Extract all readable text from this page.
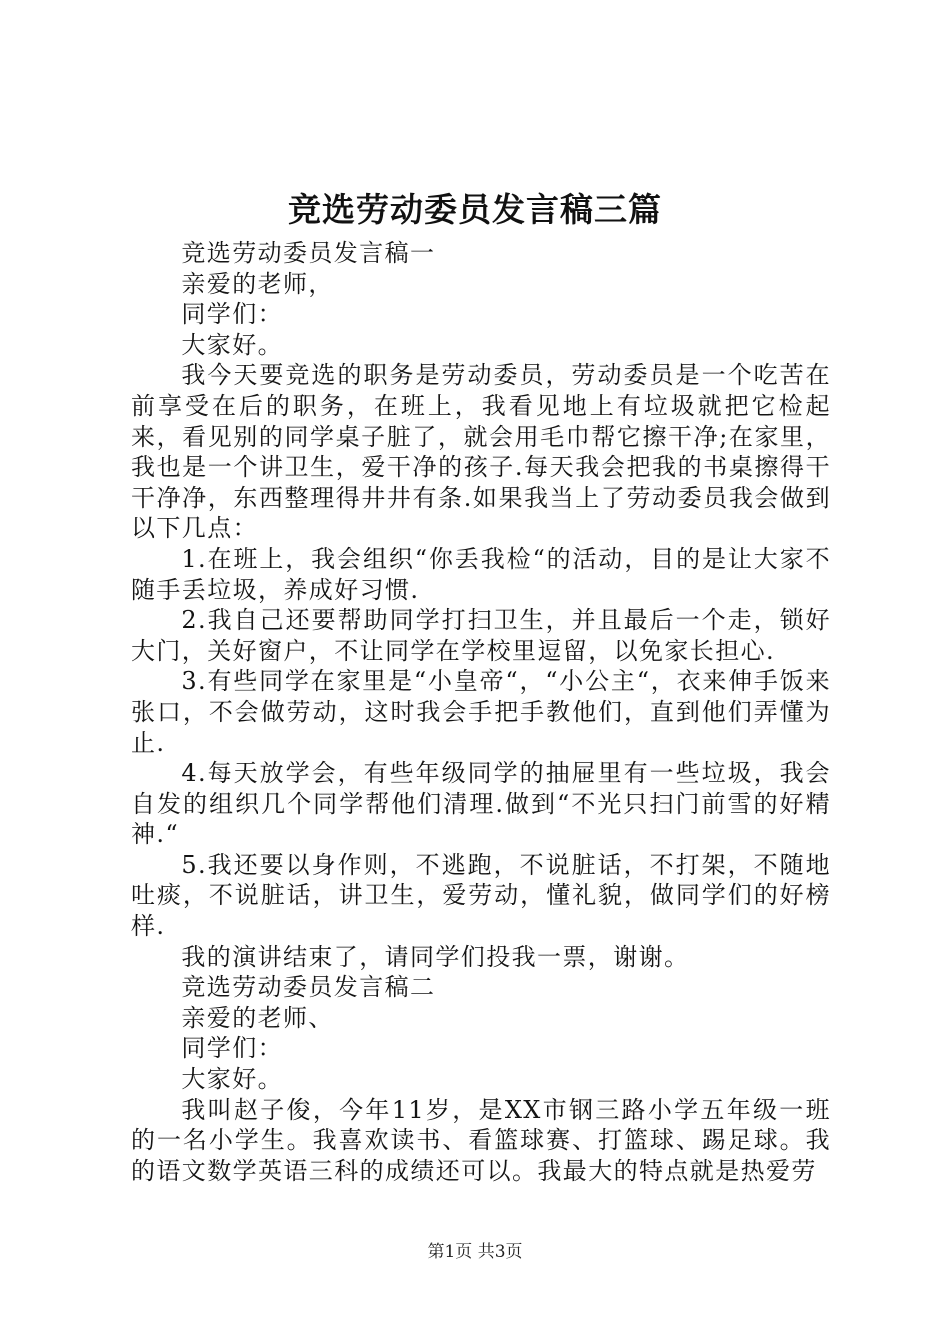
竞选劳动委员发言稿三篇

竞选劳动委员发言稿一

亲爱的老师，

同学们：

大家好。

我今天要竞选的职务是劳动委员，劳动委员是一个吃苦在前享受在后的职务，在班上，我看见地上有垃圾就把它检起来，看见别的同学桌子脏了，就会用毛巾帮它擦干净;在家里，我也是一个讲卫生，爱干净的孩子.每天我会把我的书桌擦得干干净净，东西整理得井井有条.如果我当上了劳动委员我会做到以下几点：

1.在班上，我会组织“你丢我检“的活动，目的是让大家不随手丢垃圾，养成好习惯.

2.我自己还要帮助同学打扫卫生，并且最后一个走，锁好大门，关好窗户，不让同学在学校里逗留，以免家长担心.

3.有些同学在家里是“小皇帝“，“小公主“，衣来伸手饭来张口，不会做劳动，这时我会手把手教他们，直到他们弄懂为止.

4.每天放学会，有些年级同学的抽屉里有一些垃圾，我会自发的组织几个同学帮他们清理.做到“不光只扫门前雪的好精神.“

5.我还要以身作则，不逃跑，不说脏话，不打架，不随地吐痰，不说脏话，讲卫生，爱劳动，懂礼貌，做同学们的好榜样.

我的演讲结束了，请同学们投我一票，谢谢。

竞选劳动委员发言稿二

亲爱的老师、

同学们：

大家好。

我叫赵子俊，今年11岁，是XX市钢三路小学五年级一班的一名小学生。我喜欢读书、看篮球赛、打篮球、踢足球。我的语文数学英语三科的成绩还可以。我最大的特点就是热爱劳

第1页 共3页
